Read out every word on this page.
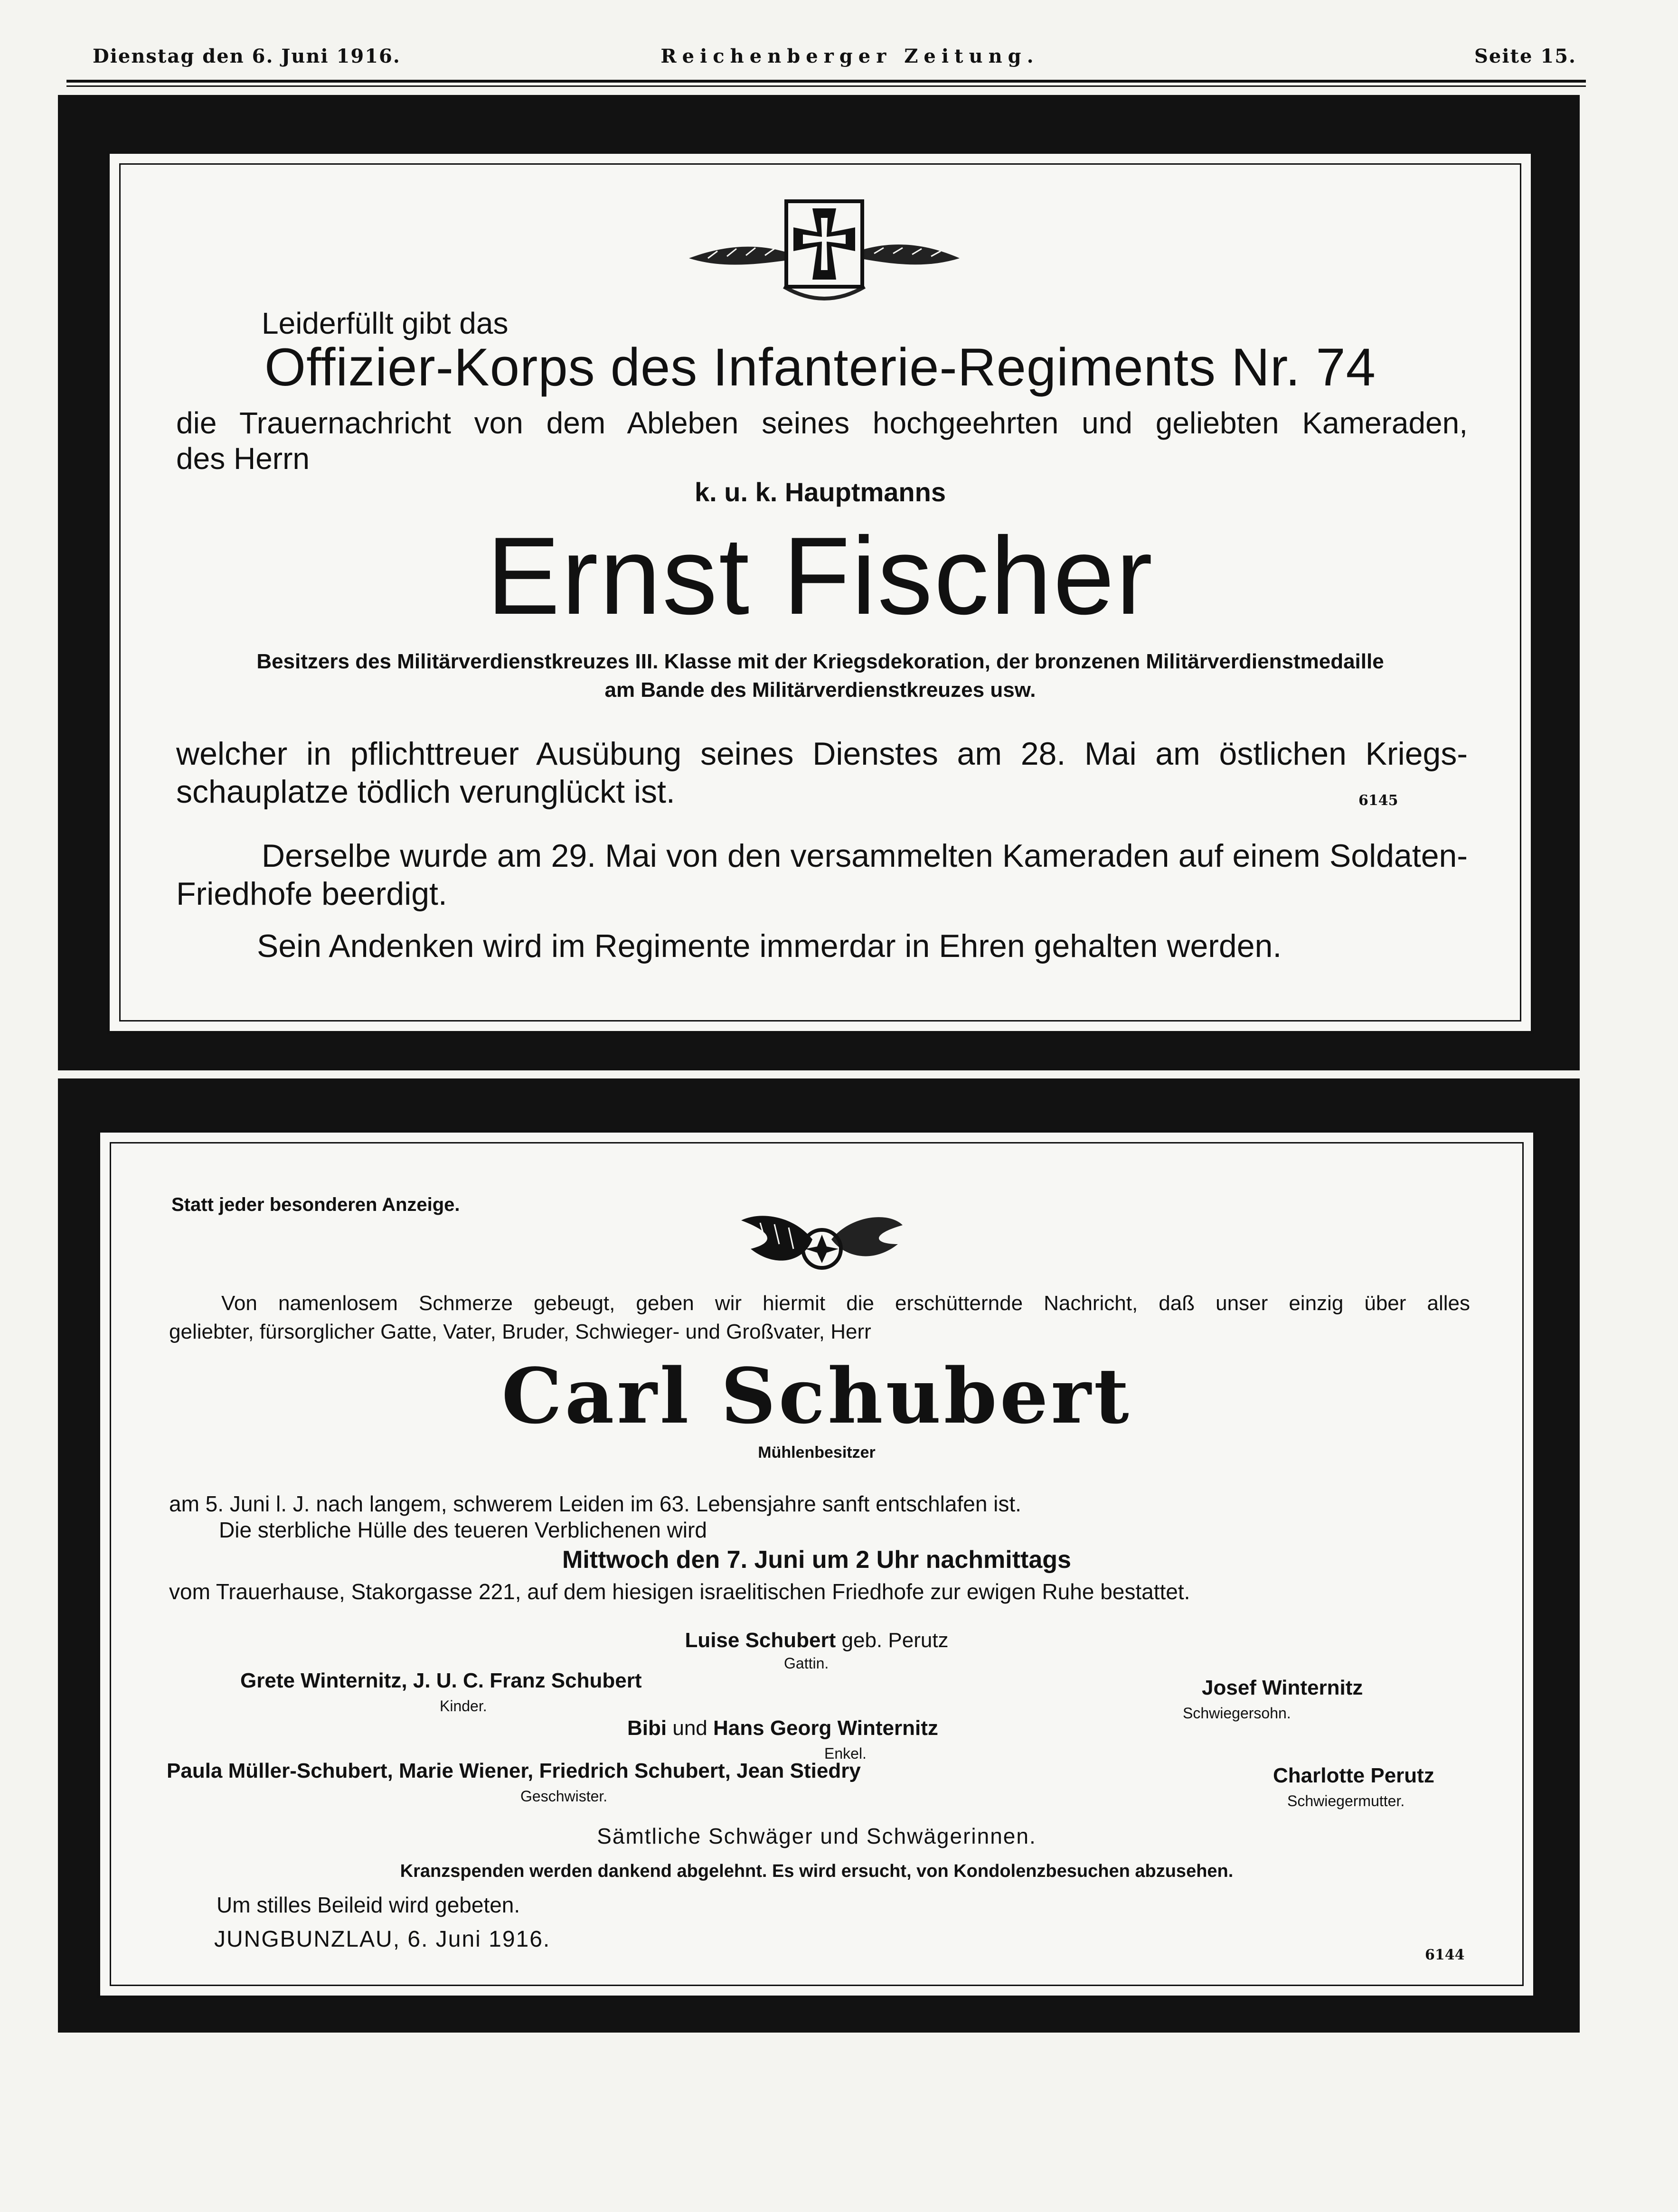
Dienstag den 6. Juni 1916.	Reichenberger Zeitung.	Seite 15.
Leiderfüllt gibt das
Offizier-Korps des Infanterie-Regiments Nr. 74
die Trauernachricht von dem Ableben seines hochgeehrten und geliebten Kameraden,
des Herrn
k. u. k. Hauptmanns
Ernst Fischer
Besitzers des Militärverdienstkreuzes III. Klasse mit der Kriegsdekoration, der bronzenen Militärverdienstmedaille
am Bande des Militärverdienstkreuzes usw.
welcher in pflichttreuer Ausübung seines Dienstes am 28. Mai am östlichen Kriegs-
schauplatze tödlich verunglückt ist.	6145
Derselbe wurde am 29. Mai von den versammelten Kameraden auf einem Soldaten-
Friedhofe beerdigt.
Sein Andenken wird im Regimente immerdar in Ehren gehalten werden.
Statt jeder besonderen Anzeige.
Von namenlosem Schmerze gebeugt, geben wir hiermit die erschütternde Nachricht, daß unser einzig über alles
geliebter, fürsorglicher Gatte, Vater, Bruder, Schwieger- und Großvater, Herr
Carl Schubert
Mühlenbesitzer
am 5. Juni l. J. nach langem, schwerem Leiden im 63. Lebensjahre sanft entschlafen ist.
Die sterbliche Hülle des teueren Verblichenen wird
Mittwoch den 7. Juni um 2 Uhr nachmittags
vom Trauerhause, Stakorgasse 221, auf dem hiesigen israelitischen Friedhofe zur ewigen Ruhe bestattet.
Luise Schubert geb. Perutz
Gattin.
Grete Winternitz, J. U. C. Franz Schubert
Kinder.
Josef Winternitz
Schwiegersohn.
Bibi und Hans Georg Winternitz
Enkel.
Paula Müller-Schubert, Marie Wiener, Friedrich Schubert, Jean Stiedry
Geschwister.
Charlotte Perutz
Schwiegermutter.
Sämtliche Schwäger und Schwägerinnen.
Kranzspenden werden dankend abgelehnt. Es wird ersucht, von Kondolenzbesuchen abzusehen.
Um stilles Beileid wird gebeten.
JUNGBUNZLAU, 6. Juni 1916.
6144
